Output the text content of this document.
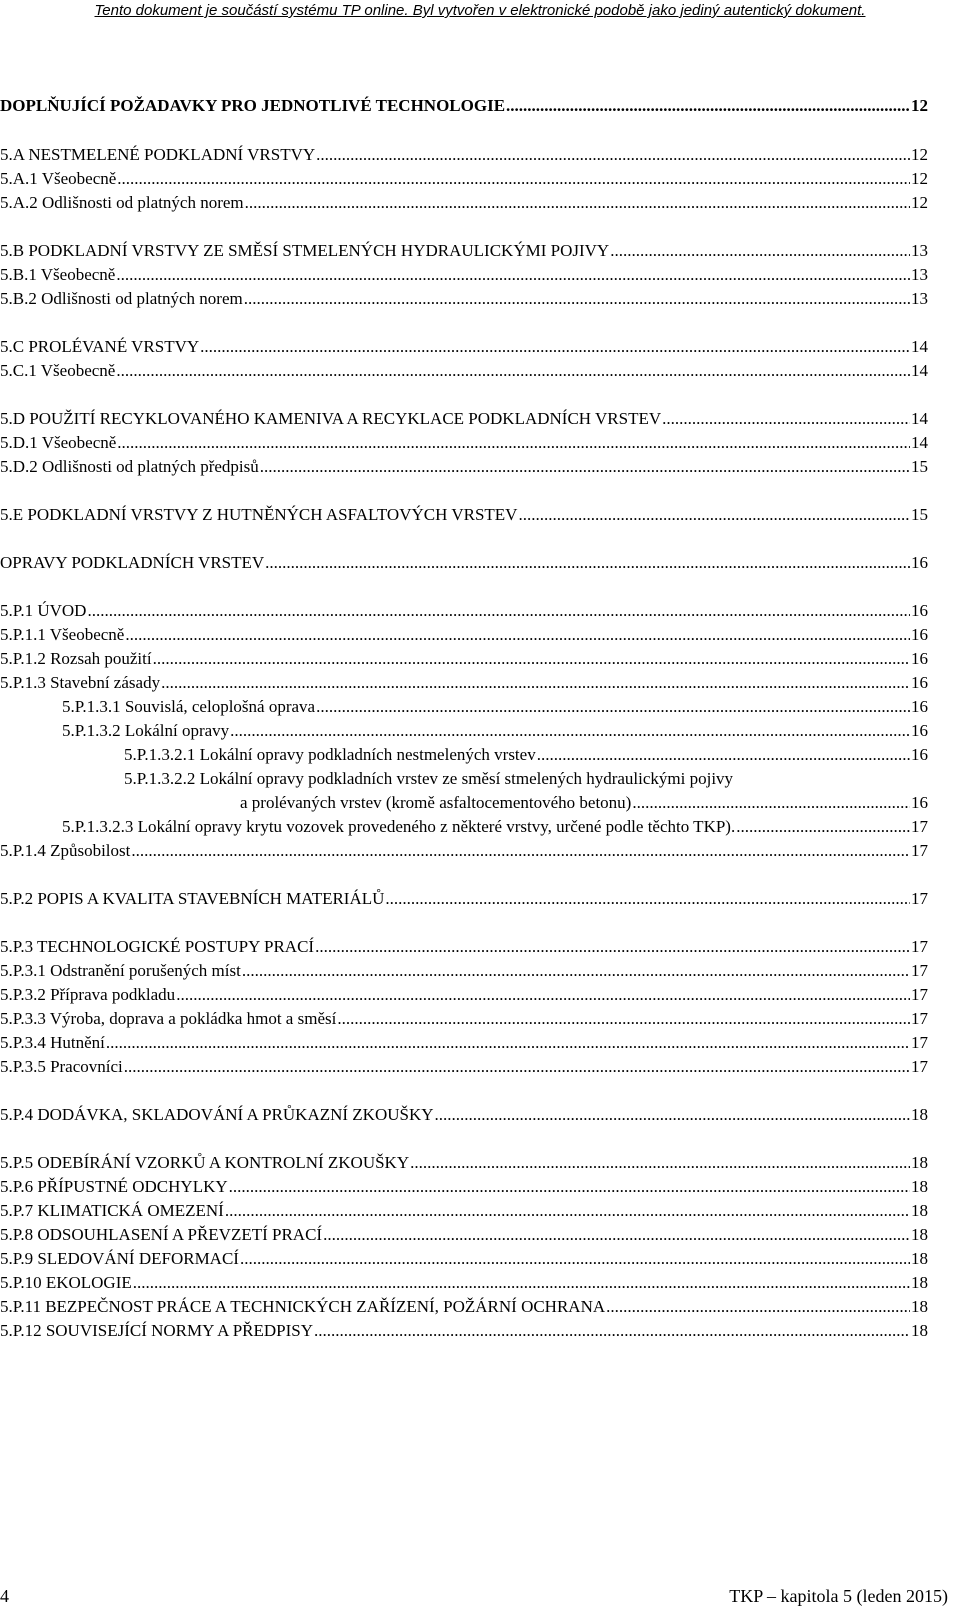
Tento dokument je součástí systému TP online. Byl vytvořen v elektronické podobě jako jediný autentický dokument.
DOPLŇUJÍCÍ POŽADAVKY PRO JEDNOTLIVÉ TECHNOLOGIE .....	12
5.A NESTMELENÉ PODKLADNÍ VRSTVY .....	12
5.A.1 Všeobecně .....	12
5.A.2 Odlišnosti od platných norem .....	12
5.B PODKLADNÍ VRSTVY ZE SMĚSÍ STMELENÝCH HYDRAULICKÝMI POJIVY .....	13
5.B.1 Všeobecně .....	13
5.B.2 Odlišnosti od platných norem .....	13
5.C PROLÉVANÉ VRSTVY .....	14
5.C.1 Všeobecně .....	14
5.D POUŽITÍ RECYKLOVANÉHO KAMENIVA A RECYKLACE PODKLADNÍCH VRSTEV .....	14
5.D.1 Všeobecně .....	14
5.D.2 Odlišnosti od platných předpisů .....	15
5.E PODKLADNÍ VRSTVY Z HUTNĚNÝCH ASFALTOVÝCH VRSTEV .....	15
OPRAVY PODKLADNÍCH VRSTEV .....	16
5.P.1 ÚVOD .....	16
5.P.1.1 Všeobecně .....	16
5.P.1.2 Rozsah použití .....	16
5.P.1.3 Stavební zásady .....	16
5.P.1.3.1 Souvislá, celoplošná oprava .....	16
5.P.1.3.2 Lokální opravy .....	16
5.P.1.3.2.1 Lokální opravy podkladních nestmelených vrstev .....	16
5.P.1.3.2.2 Lokální opravy podkladních vrstev ze směsí stmelených hydraulickými pojivy
a prolévaných vrstev (kromě asfaltocementového betonu) .....	16
5.P.1.3.2.3 Lokální opravy krytu vozovek provedeného z některé vrstvy, určené podle těchto TKP). .....	17
5.P.1.4 Způsobilost .....	17
5.P.2 POPIS A KVALITA STAVEBNÍCH MATERIÁLŮ .....	17
5.P.3 TECHNOLOGICKÉ POSTUPY PRACÍ .....	17
5.P.3.1 Odstranění porušených míst .....	17
5.P.3.2 Příprava podkladu .....	17
5.P.3.3 Výroba, doprava a pokládka hmot a směsí .....	17
5.P.3.4 Hutnění .....	17
5.P.3.5 Pracovníci .....	17
5.P.4 DODÁVKA, SKLADOVÁNÍ A PRŮKAZNÍ ZKOUŠKY .....	18
5.P.5 ODEBÍRÁNÍ VZORKŮ A KONTROLNÍ ZKOUŠKY .....	18
5.P.6 PŘÍPUSTNÉ ODCHYLKY .....	18
5.P.7 KLIMATICKÁ OMEZENÍ .....	18
5.P.8 ODSOUHLASENÍ A PŘEVZETÍ PRACÍ .....	18
5.P.9 SLEDOVÁNÍ DEFORMACÍ .....	18
5.P.10 EKOLOGIE .....	18
5.P.11 BEZPEČNOST PRÁCE A TECHNICKÝCH ZAŘÍZENÍ, POŽÁRNÍ OCHRANA .....	18
5.P.12 SOUVISEJÍCÍ NORMY A PŘEDPISY .....	18
4	TKP – kapitola 5 (leden 2015)
